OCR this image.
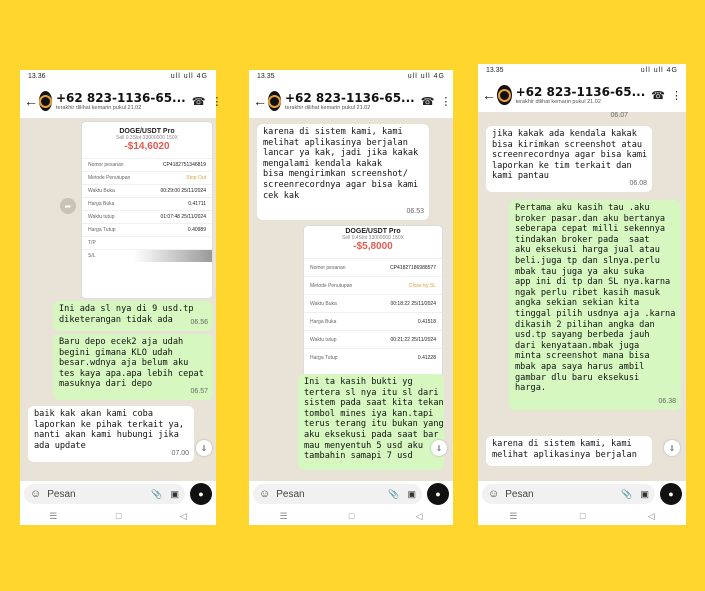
13.36	ull ull 4G
← +62 823-1136-65...
terakhir dilihat kemarin pukul 21.02
☎ ⋮
➦
DOGE/USDT Pro
Sell 0.3Slot 33000000 150X
-$14,6020
Nomor pesanan	CP4182751346819
Metode Penutupan	Stop Out
Waktu Buka	00:29:00 25/11/2024
Harga Buka	0.41711
Waktu tutup	01:07:48 25/11/2024
Harga Tutup	0.40989
T/P
S/L
06.55
Ini ada sl nya di 9 usd.tp
diketerangan tidak ada	06.56
Baru depo ecek2 aja udah
begini gimana KLO udah
besar.wdnya aja belum aku
tes kaya apa.apa lebih cepat
masuknya dari depo
06.57
baik kak akan kami coba
laporkan ke pihak terkait ya,
nanti akan kami hubungi jika
ada update
07.00
⇓
☺ Pesan	📎 ▣	●
☰	□	◁
13.35	ull ull 4G
← +62 823-1136-65...
terakhir dilihat kemarin pukul 21.02
☎ ⋮
karena di sistem kami, kami
melihat aplikasinya berjalan
lancar ya kak, jadi jika kakak
mengalami kendala kakak
bisa mengirimkan screenshot/
screenrecordnya agar bisa kami
cek kak
06.53
DOGE/USDT Pro
Sell 0.4Slot 33000000 150X
-$5,8000
Nomor pesanan	CP41827186988577
Metode Penutupan	Close by SL
Waktu Buka	00:18:22 25/11/2024
Harga Buka	0.41518
Waktu tutup	00:21:22 25/11/2024
Harga Tutup	0.41228
Ini ta kasih bukti yg
tertera sl nya itu sl dari
sistem pada saat kita tekan
tombol mines iya kan.tapi
terus terang itu bukan yang
aku eksekusi pada saat bar
mau menyentuh 5 usd aku
tambahin samapi 7 usd
⇓
☺ Pesan	📎 ▣	●
☰	□	◁
13.35	ull ull 4G
← +62 823-1136-65...
terakhir dilihat kemarin pukul 21.02
☎ ⋮
06.07
jika kakak ada kendala kakak
bisa kirimkan screenshot atau
screenrecordnya agar bisa kami
laporkan ke tim terkait dan
kami pantau
06.08
Pertama aku kasih tau .aku
broker pasar.dan aku bertanya
seberapa cepat milli sekennya
tindakan broker pada  saat
aku eksekusi harga jual atau
beli.juga tp dan slnya.perlu
mbak tau juga ya aku suka
app ini di tp dan SL nya.karna
ngak perlu ribet kasih masuk
angka sekian sekian kita
tinggal pilih usdnya aja .karna
dikasih 2 pilihan angka dan
usd.tp sayang berbeda jauh
dari kenyataan.mbak juga
minta screenshot mana bisa
mbak apa saya harus ambil
gambar dlu baru eksekusi
harga.
06.38
karena di sistem kami, kami
melihat aplikasinya berjalan
⇓
☺ Pesan	📎 ▣	●
☰	□	◁
